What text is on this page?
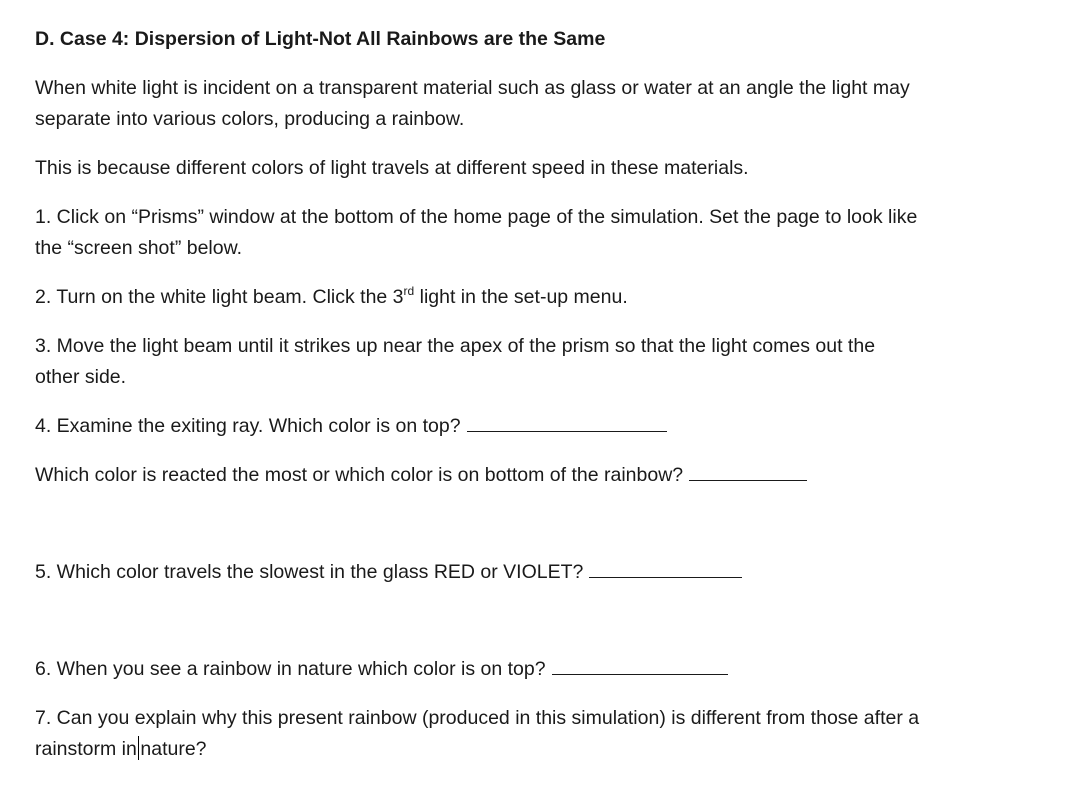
D. Case 4: Dispersion of Light-Not All Rainbows are the Same
When white light is incident on a transparent material such as glass or water at an angle the light may
separate into various colors, producing a rainbow.
This is because different colors of light travels at different speed in these materials.
1. Click on “Prisms” window at the bottom of the home page of the simulation. Set the page to look like
the “screen shot” below.
2. Turn on the white light beam. Click the 3rd light in the set-up menu.
3. Move the light beam until it strikes up near the apex of the prism so that the light comes out the
other side.
4. Examine the exiting ray. Which color is on top?
Which color is reacted the most or which color is on bottom of the rainbow?
5. Which color travels the slowest in the glass RED or VIOLET?
6. When you see a rainbow in nature which color is on top?
7. Can you explain why this present rainbow (produced in this simulation) is different from those after a
rainstorm in nature?
